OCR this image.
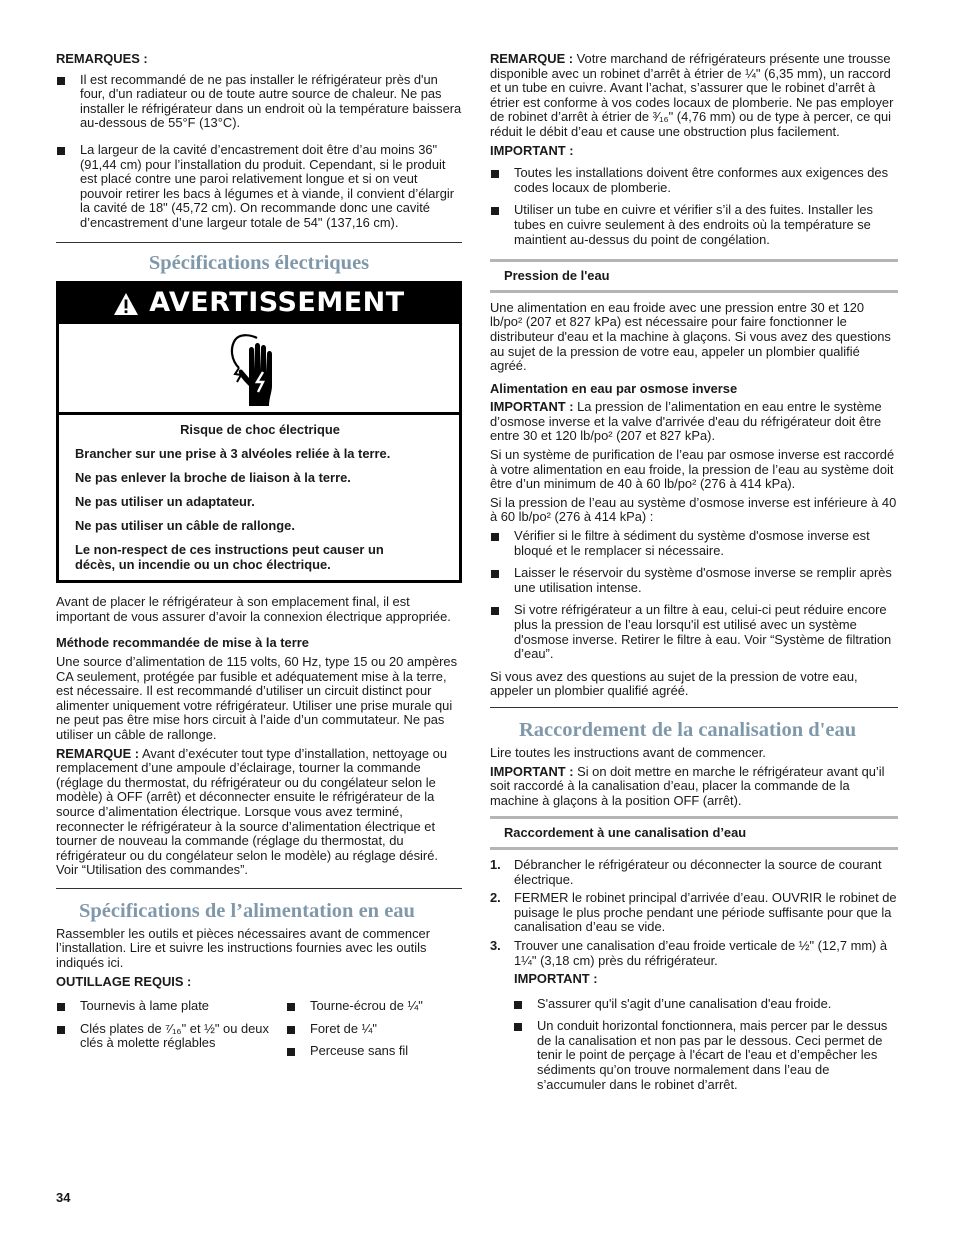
REMARQUES :

Il est recommandé de ne pas installer le réfrigérateur près d'un four, d'un radiateur ou de toute autre source de chaleur. Ne pas installer le réfrigérateur dans un endroit où la température baissera au-dessous de 55°F (13°C).

La largeur de la cavité d’encastrement doit être d’au moins 36" (91,44 cm) pour l’installation du produit. Cependant, si le produit est placé contre une paroi relativement longue et si on veut pouvoir retirer les bacs à légumes et à viande, il convient d’élargir la cavité de 18" (45,72 cm). On recommande donc une cavité d’encastrement d’une largeur totale de 54" (137,16 cm).

Spécifications électriques
AVERTISSEMENT

Risque de choc électrique

Brancher sur une prise à 3 alvéoles reliée à la terre.

Ne pas enlever la broche de liaison à la terre.

Ne pas utiliser un adaptateur.

Ne pas utiliser un câble de rallonge.

Le non-respect de ces instructions peut causer un décès, un incendie ou un choc électrique.

Avant de placer le réfrigérateur à son emplacement final, il est important de vous assurer d’avoir la connexion électrique appropriée.

Méthode recommandée de mise à la terre

Une source d’alimentation de 115 volts, 60 Hz, type 15 ou 20 ampères CA seulement, protégée par fusible et adéquatement mise à la terre, est nécessaire. Il est recommandé d’utiliser un circuit distinct pour alimenter uniquement votre réfrigérateur. Utiliser une prise murale qui ne peut pas être mise hors circuit à l’aide d’un commutateur. Ne pas utiliser un câble de rallonge.

REMARQUE : Avant d’exécuter tout type d’installation, nettoyage ou remplacement d’une ampoule d’éclairage, tourner la commande (réglage du thermostat, du réfrigérateur ou du congélateur selon le modèle) à OFF (arrêt) et déconnecter ensuite le réfrigérateur de la source d’alimentation électrique. Lorsque vous avez terminé, reconnecter le réfrigérateur à la source d’alimentation électrique et tourner de nouveau la commande (réglage du thermostat, du réfrigérateur ou du congélateur selon le modèle) au réglage désiré. Voir “Utilisation des commandes”.

Spécifications de l’alimentation en eau

Rassembler les outils et pièces nécessaires avant de commencer l’installation. Lire et suivre les instructions fournies avec les outils indiqués ici.

OUTILLAGE REQUIS :

Tournevis à lame plate

Clés plates de ⁷⁄₁₆" et ½" ou deux clés à molette réglables

Tourne-écrou de ¼"

Foret de ¼"

Perceuse sans fil

REMARQUE : Votre marchand de réfrigérateurs présente une trousse disponible avec un robinet d’arrêt à étrier de ¼" (6,35 mm), un raccord et un tube en cuivre. Avant l’achat, s’assurer que le robinet d’arrêt à étrier est conforme à vos codes locaux de plomberie. Ne pas employer de robinet d’arrêt à étrier de ³⁄₁₆" (4,76 mm) ou de type à percer, ce qui réduit le débit d’eau et cause une obstruction plus facilement.

IMPORTANT :

Toutes les installations doivent être conformes aux exigences des codes locaux de plomberie.

Utiliser un tube en cuivre et vérifier s’il a des fuites. Installer les tubes en cuivre seulement à des endroits où la température se maintient au-dessus du point de congélation.

Pression de l'eau

Une alimentation en eau froide avec une pression entre 30 et 120 lb/po² (207 et 827 kPa) est nécessaire pour faire fonctionner le distributeur d'eau et la machine à glaçons. Si vous avez des questions au sujet de la pression de votre eau, appeler un plombier qualifié agréé.

Alimentation en eau par osmose inverse

IMPORTANT : La pression de l’alimentation en eau entre le système d’osmose inverse et la valve d'arrivée d'eau du réfrigérateur doit être entre 30 et 120 lb/po² (207 et 827 kPa).

Si un système de purification de l’eau par osmose inverse est raccordé à votre alimentation en eau froide, la pression de l’eau au système doit être d’un minimum de 40 à 60 lb/po² (276 à 414 kPa).

Si la pression de l’eau au système d’osmose inverse est inférieure à 40 à 60 lb/po² (276 à 414 kPa) :

Vérifier si le filtre à sédiment du système d'osmose inverse est bloqué et le remplacer si nécessaire.

Laisser le réservoir du système d'osmose inverse se remplir après une utilisation intense.

Si votre réfrigérateur a un filtre à eau, celui-ci peut réduire encore plus la pression de l’eau lorsqu'il est utilisé avec un système d'osmose inverse. Retirer le filtre à eau. Voir “Système de filtration d’eau”.

Si vous avez des questions au sujet de la pression de votre eau, appeler un plombier qualifié agréé.

Raccordement de la canalisation d'eau

Lire toutes les instructions avant de commencer.

IMPORTANT : Si on doit mettre en marche le réfrigérateur avant qu’il soit raccordé à la canalisation d’eau, placer la commande de la machine à glaçons à la position OFF (arrêt).

Raccordement à une canalisation d’eau

1. Débrancher le réfrigérateur ou déconnecter la source de courant électrique.

2. FERMER le robinet principal d’arrivée d’eau. OUVRIR le robinet de puisage le plus proche pendant une période suffisante pour que la canalisation d’eau se vide.

3. Trouver une canalisation d’eau froide verticale de ½" (12,7 mm) à 1¼" (3,18 cm) près du réfrigérateur.

IMPORTANT :

S'assurer qu'il s'agit d’une canalisation d'eau froide.

Un conduit horizontal fonctionnera, mais percer par le dessus de la canalisation et non pas par le dessous. Ceci permet de tenir le point de perçage à l'écart de l'eau et d’empêcher les sédiments qu’on trouve normalement dans l’eau de s’accumuler dans le robinet d’arrêt.

34
